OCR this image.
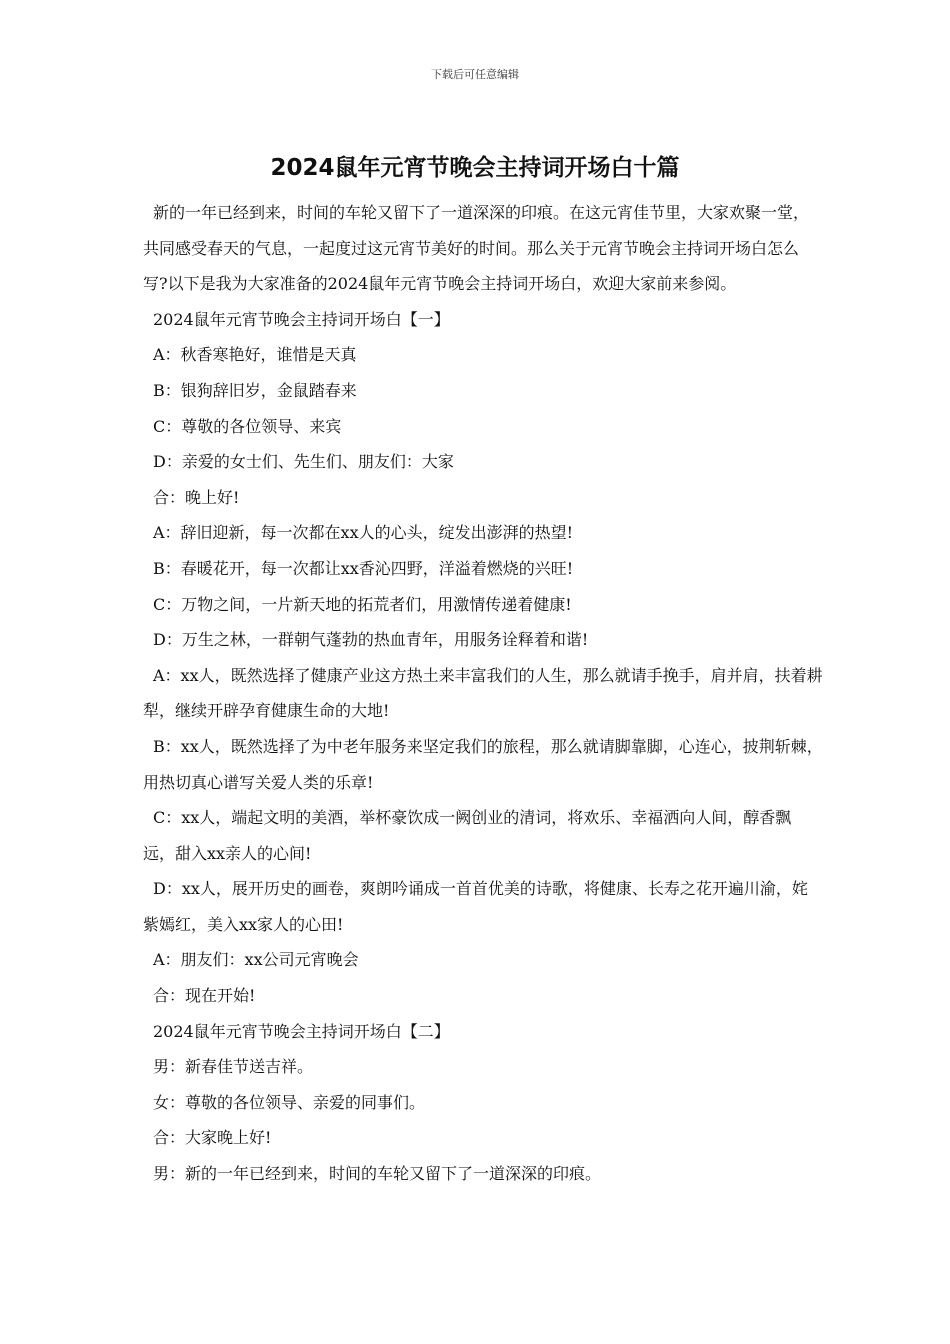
下载后可任意编辑
2024鼠年元宵节晚会主持词开场白十篇

新的一年已经到来，时间的车轮又留下了一道深深的印痕。在这元宵佳节里，大家欢聚一堂，共同感受春天的气息，一起度过这元宵节美好的时间。那么关于元宵节晚会主持词开场白怎么写?以下是我为大家准备的2024鼠年元宵节晚会主持词开场白，欢迎大家前来参阅。

2024鼠年元宵节晚会主持词开场白【一】

A：秋香寒艳好，谁惜是天真

B：银狗辞旧岁，金鼠踏春来

C：尊敬的各位领导、来宾

D：亲爱的女士们、先生们、朋友们：大家

合：晚上好!

A：辞旧迎新，每一次都在xx人的心头，绽发出澎湃的热望!

B：春暖花开，每一次都让xx香沁四野，洋溢着燃烧的兴旺!

C：万物之间，一片新天地的拓荒者们，用激情传递着健康!

D：万生之林，一群朝气蓬勃的热血青年，用服务诠释着和谐!

A：xx人，既然选择了健康产业这方热土来丰富我们的人生，那么就请手挽手，肩并肩，扶着耕犁，继续开辟孕育健康生命的大地!

B：xx人，既然选择了为中老年服务来坚定我们的旅程，那么就请脚靠脚，心连心，披荆斩棘，用热切真心谱写关爱人类的乐章!

C：xx人，端起文明的美酒，举杯豪饮成一阙创业的清词，将欢乐、幸福洒向人间，醇香飘远，甜入xx亲人的心间!

D：xx人，展开历史的画卷，爽朗吟诵成一首首优美的诗歌，将健康、长寿之花开遍川渝，姹紫嫣红，美入xx家人的心田!

A：朋友们：xx公司元宵晚会

合：现在开始!

2024鼠年元宵节晚会主持词开场白【二】

男：新春佳节送吉祥。

女：尊敬的各位领导、亲爱的同事们。

合：大家晚上好!

男：新的一年已经到来，时间的车轮又留下了一道深深的印痕。
